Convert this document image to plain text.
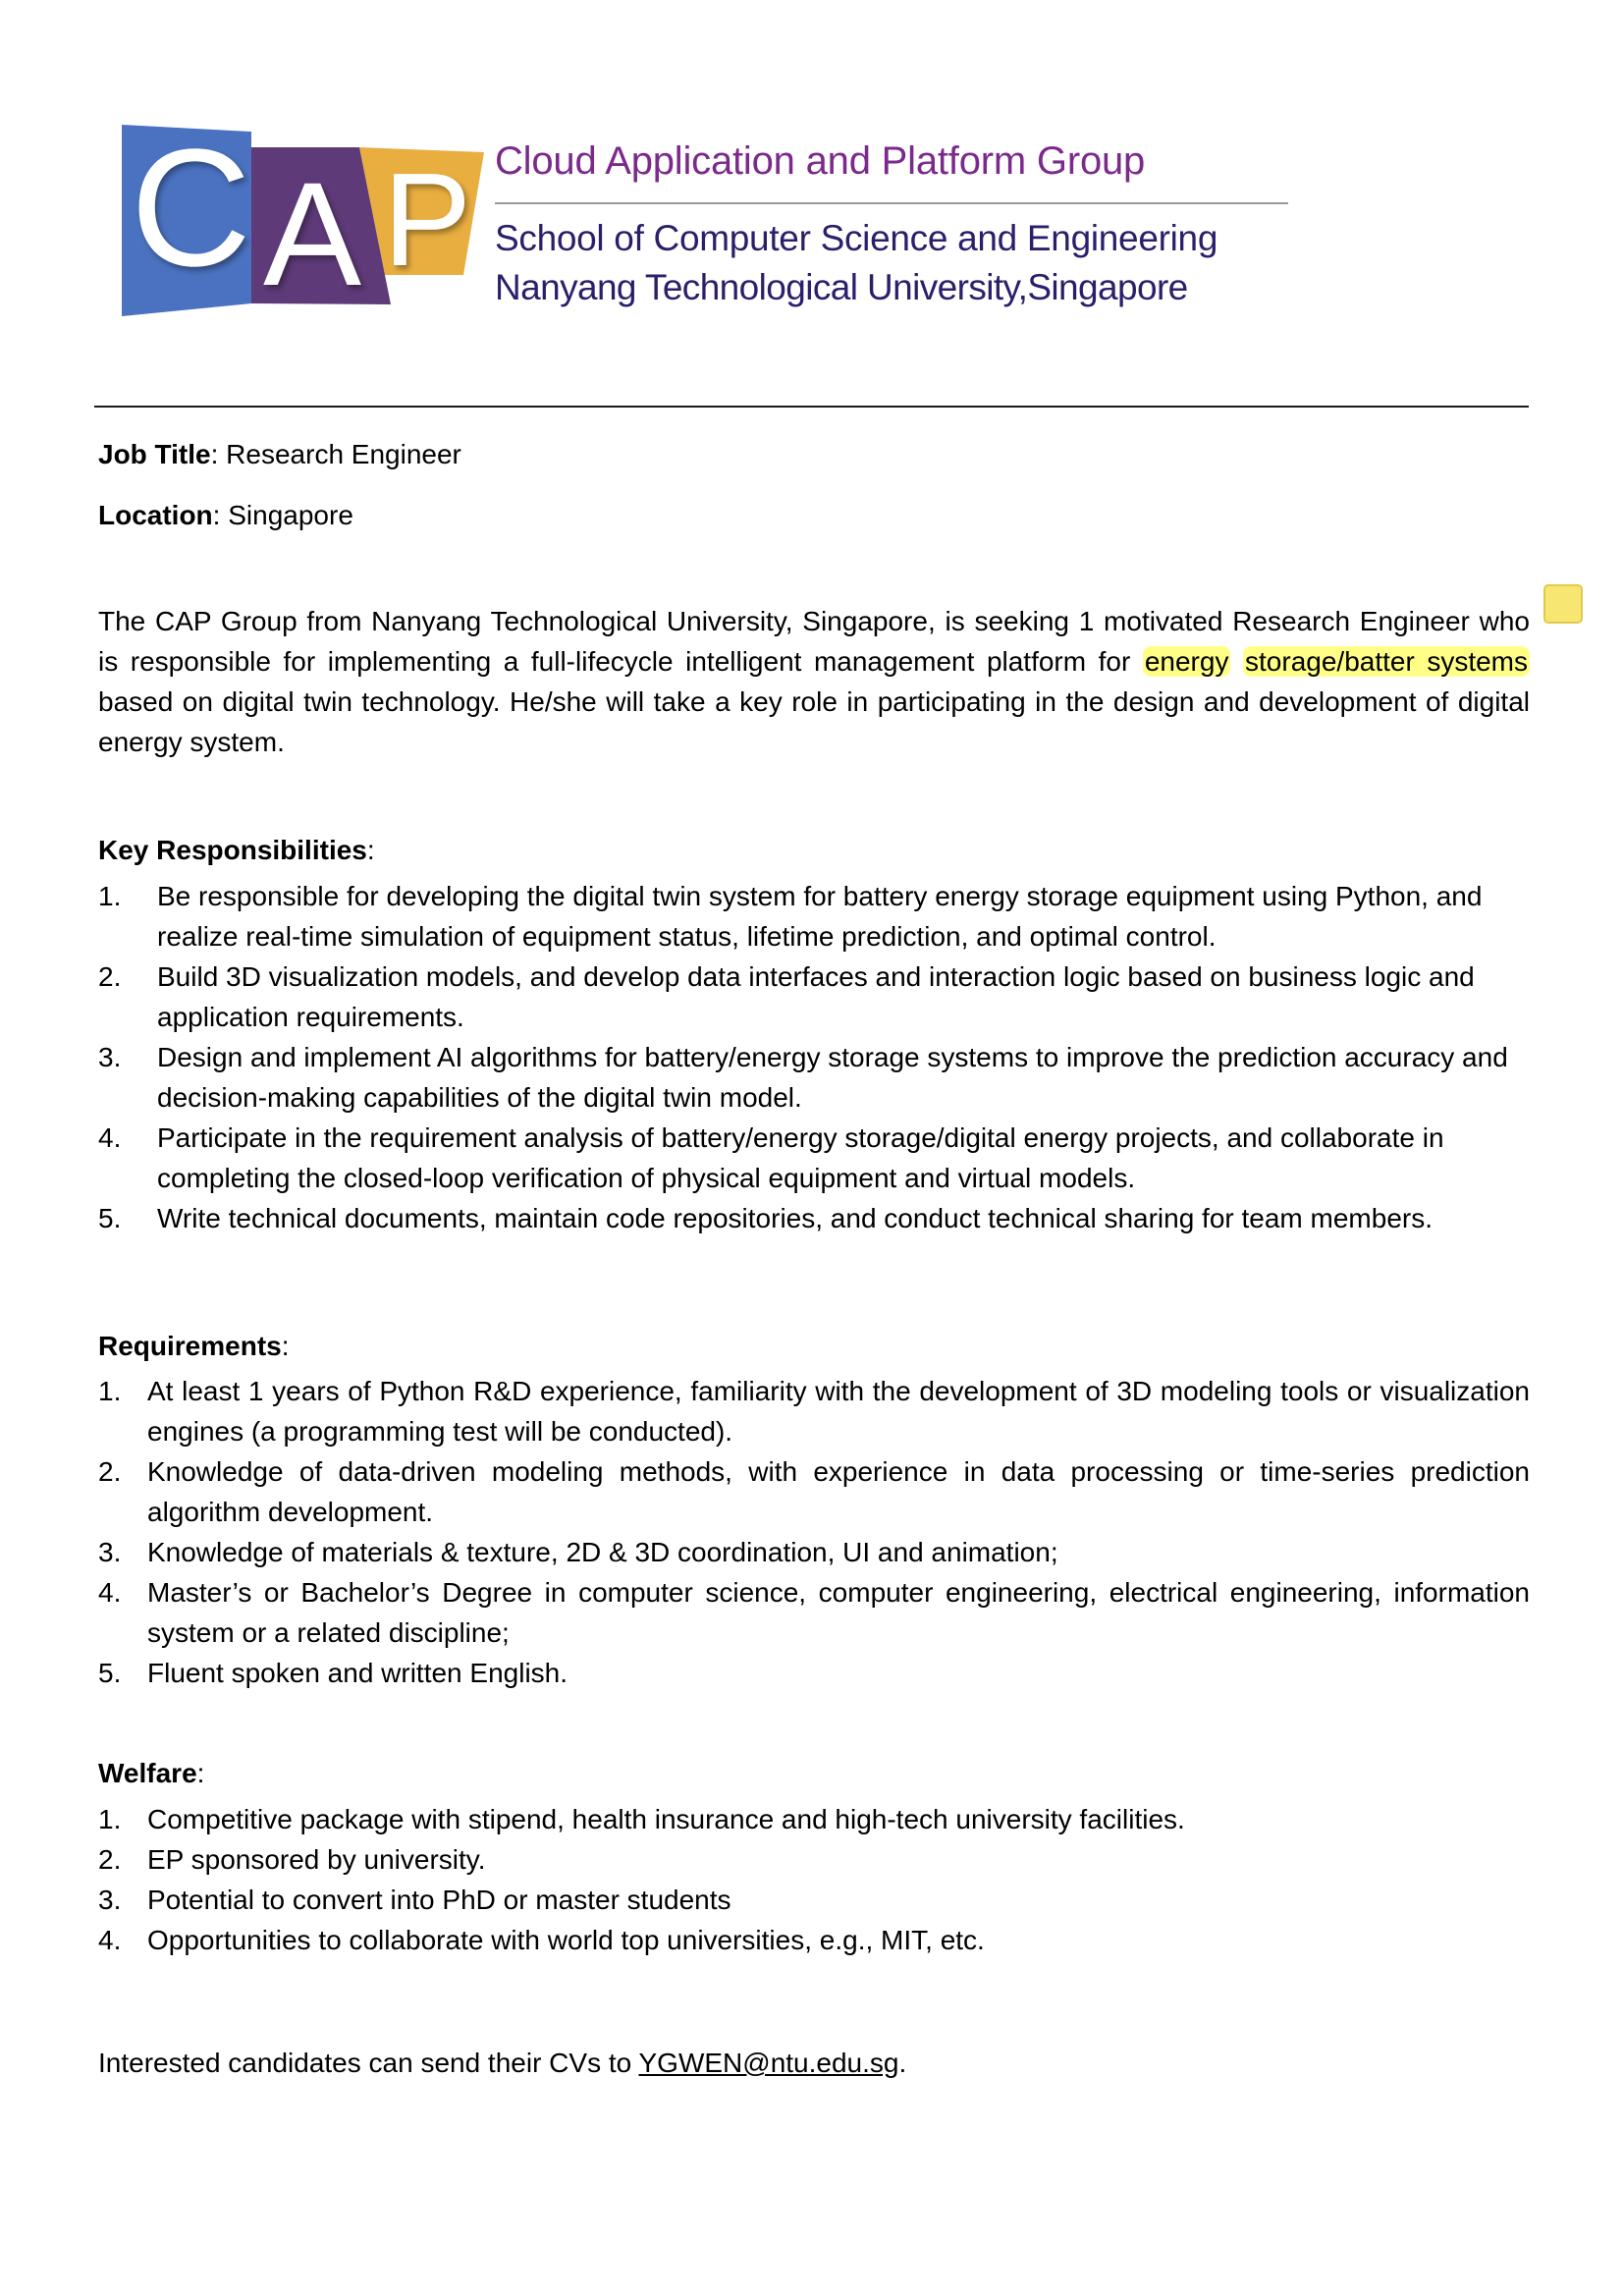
C A P Cloud Application and Platform Group
School of Computer Science and Engineering
Nanyang Technological University,Singapore
Job Title: Research Engineer
Location: Singapore
The CAP Group from Nanyang Technological University, Singapore, is seeking 1 motivated Research Engineer who is responsible for implementing a full-lifecycle intelligent management platform for energy storage/batter systems based on digital twin technology. He/she will take a key role in participating in the design and development of digital energy system.
Key Responsibilities:
1. Be responsible for developing the digital twin system for battery energy storage equipment using Python, and realize real-time simulation of equipment status, lifetime prediction, and optimal control.
2. Build 3D visualization models, and develop data interfaces and interaction logic based on business logic and application requirements.
3. Design and implement AI algorithms for battery/energy storage systems to improve the prediction accuracy and decision-making capabilities of the digital twin model.
4. Participate in the requirement analysis of battery/energy storage/digital energy projects, and collaborate in completing the closed-loop verification of physical equipment and virtual models.
5. Write technical documents, maintain code repositories, and conduct technical sharing for team members.
Requirements:
1. At least 1 years of Python R&D experience, familiarity with the development of 3D modeling tools or visualization engines (a programming test will be conducted).
2. Knowledge of data-driven modeling methods, with experience in data processing or time-series prediction algorithm development.
3. Knowledge of materials & texture, 2D & 3D coordination, UI and animation;
4. Master’s or Bachelor’s Degree in computer science, computer engineering, electrical engineering, information system or a related discipline;
5. Fluent spoken and written English.
Welfare:
1. Competitive package with stipend, health insurance and high-tech university facilities.
2. EP sponsored by university.
3. Potential to convert into PhD or master students
4. Opportunities to collaborate with world top universities, e.g., MIT, etc.
Interested candidates can send their CVs to YGWEN@ntu.edu.sg.
